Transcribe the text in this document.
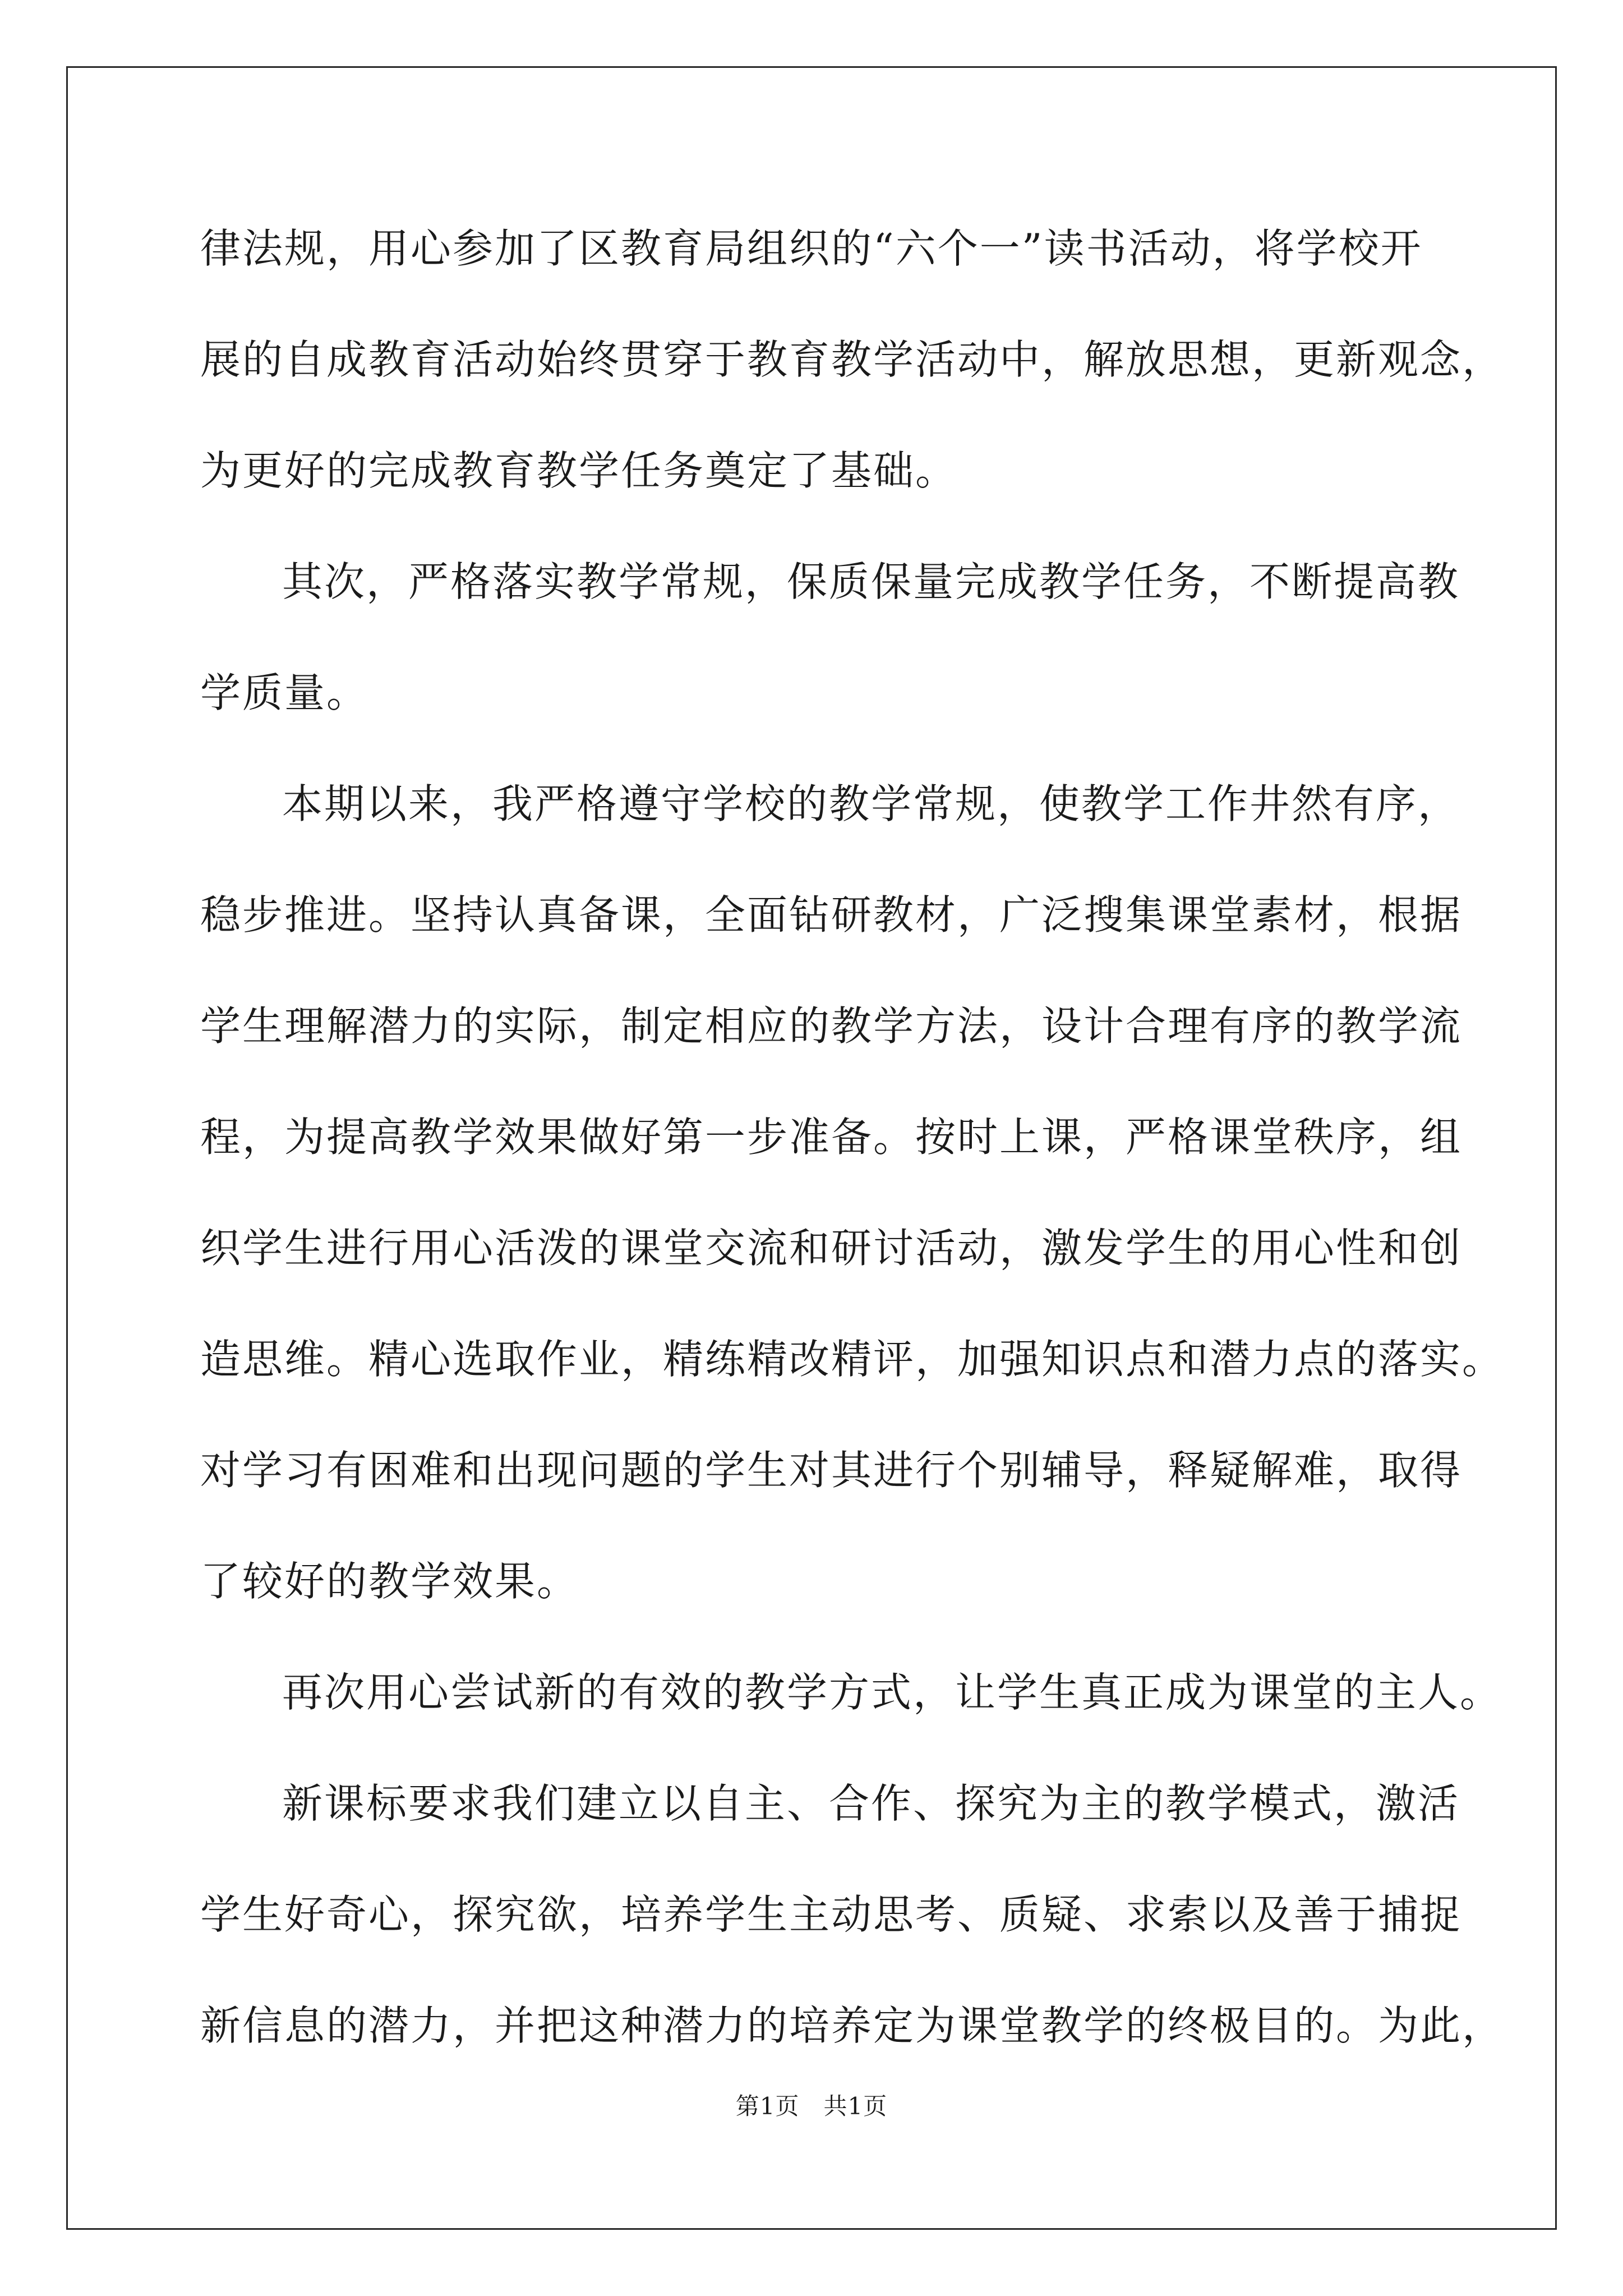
律法规，用心参加了区教育局组织的“六个一”读书活动，将学校开
展的自成教育活动始终贯穿于教育教学活动中，解放思想，更新观念，
为更好的完成教育教学任务奠定了基础。
其次，严格落实教学常规，保质保量完成教学任务，不断提高教
学质量。
本期以来，我严格遵守学校的教学常规，使教学工作井然有序，
稳步推进。坚持认真备课，全面钻研教材，广泛搜集课堂素材，根据
学生理解潜力的实际，制定相应的教学方法，设计合理有序的教学流
程，为提高教学效果做好第一步准备。按时上课，严格课堂秩序，组
织学生进行用心活泼的课堂交流和研讨活动，激发学生的用心性和创
造思维。精心选取作业，精练精改精评，加强知识点和潜力点的落实。
对学习有困难和出现问题的学生对其进行个别辅导，释疑解难，取得
了较好的教学效果。
再次用心尝试新的有效的教学方式，让学生真正成为课堂的主人。
新课标要求我们建立以自主、合作、探究为主的教学模式，激活
学生好奇心，探究欲，培养学生主动思考、质疑、求索以及善于捕捉
新信息的潜力，并把这种潜力的培养定为课堂教学的终极目的。为此，
第1页　共1页
